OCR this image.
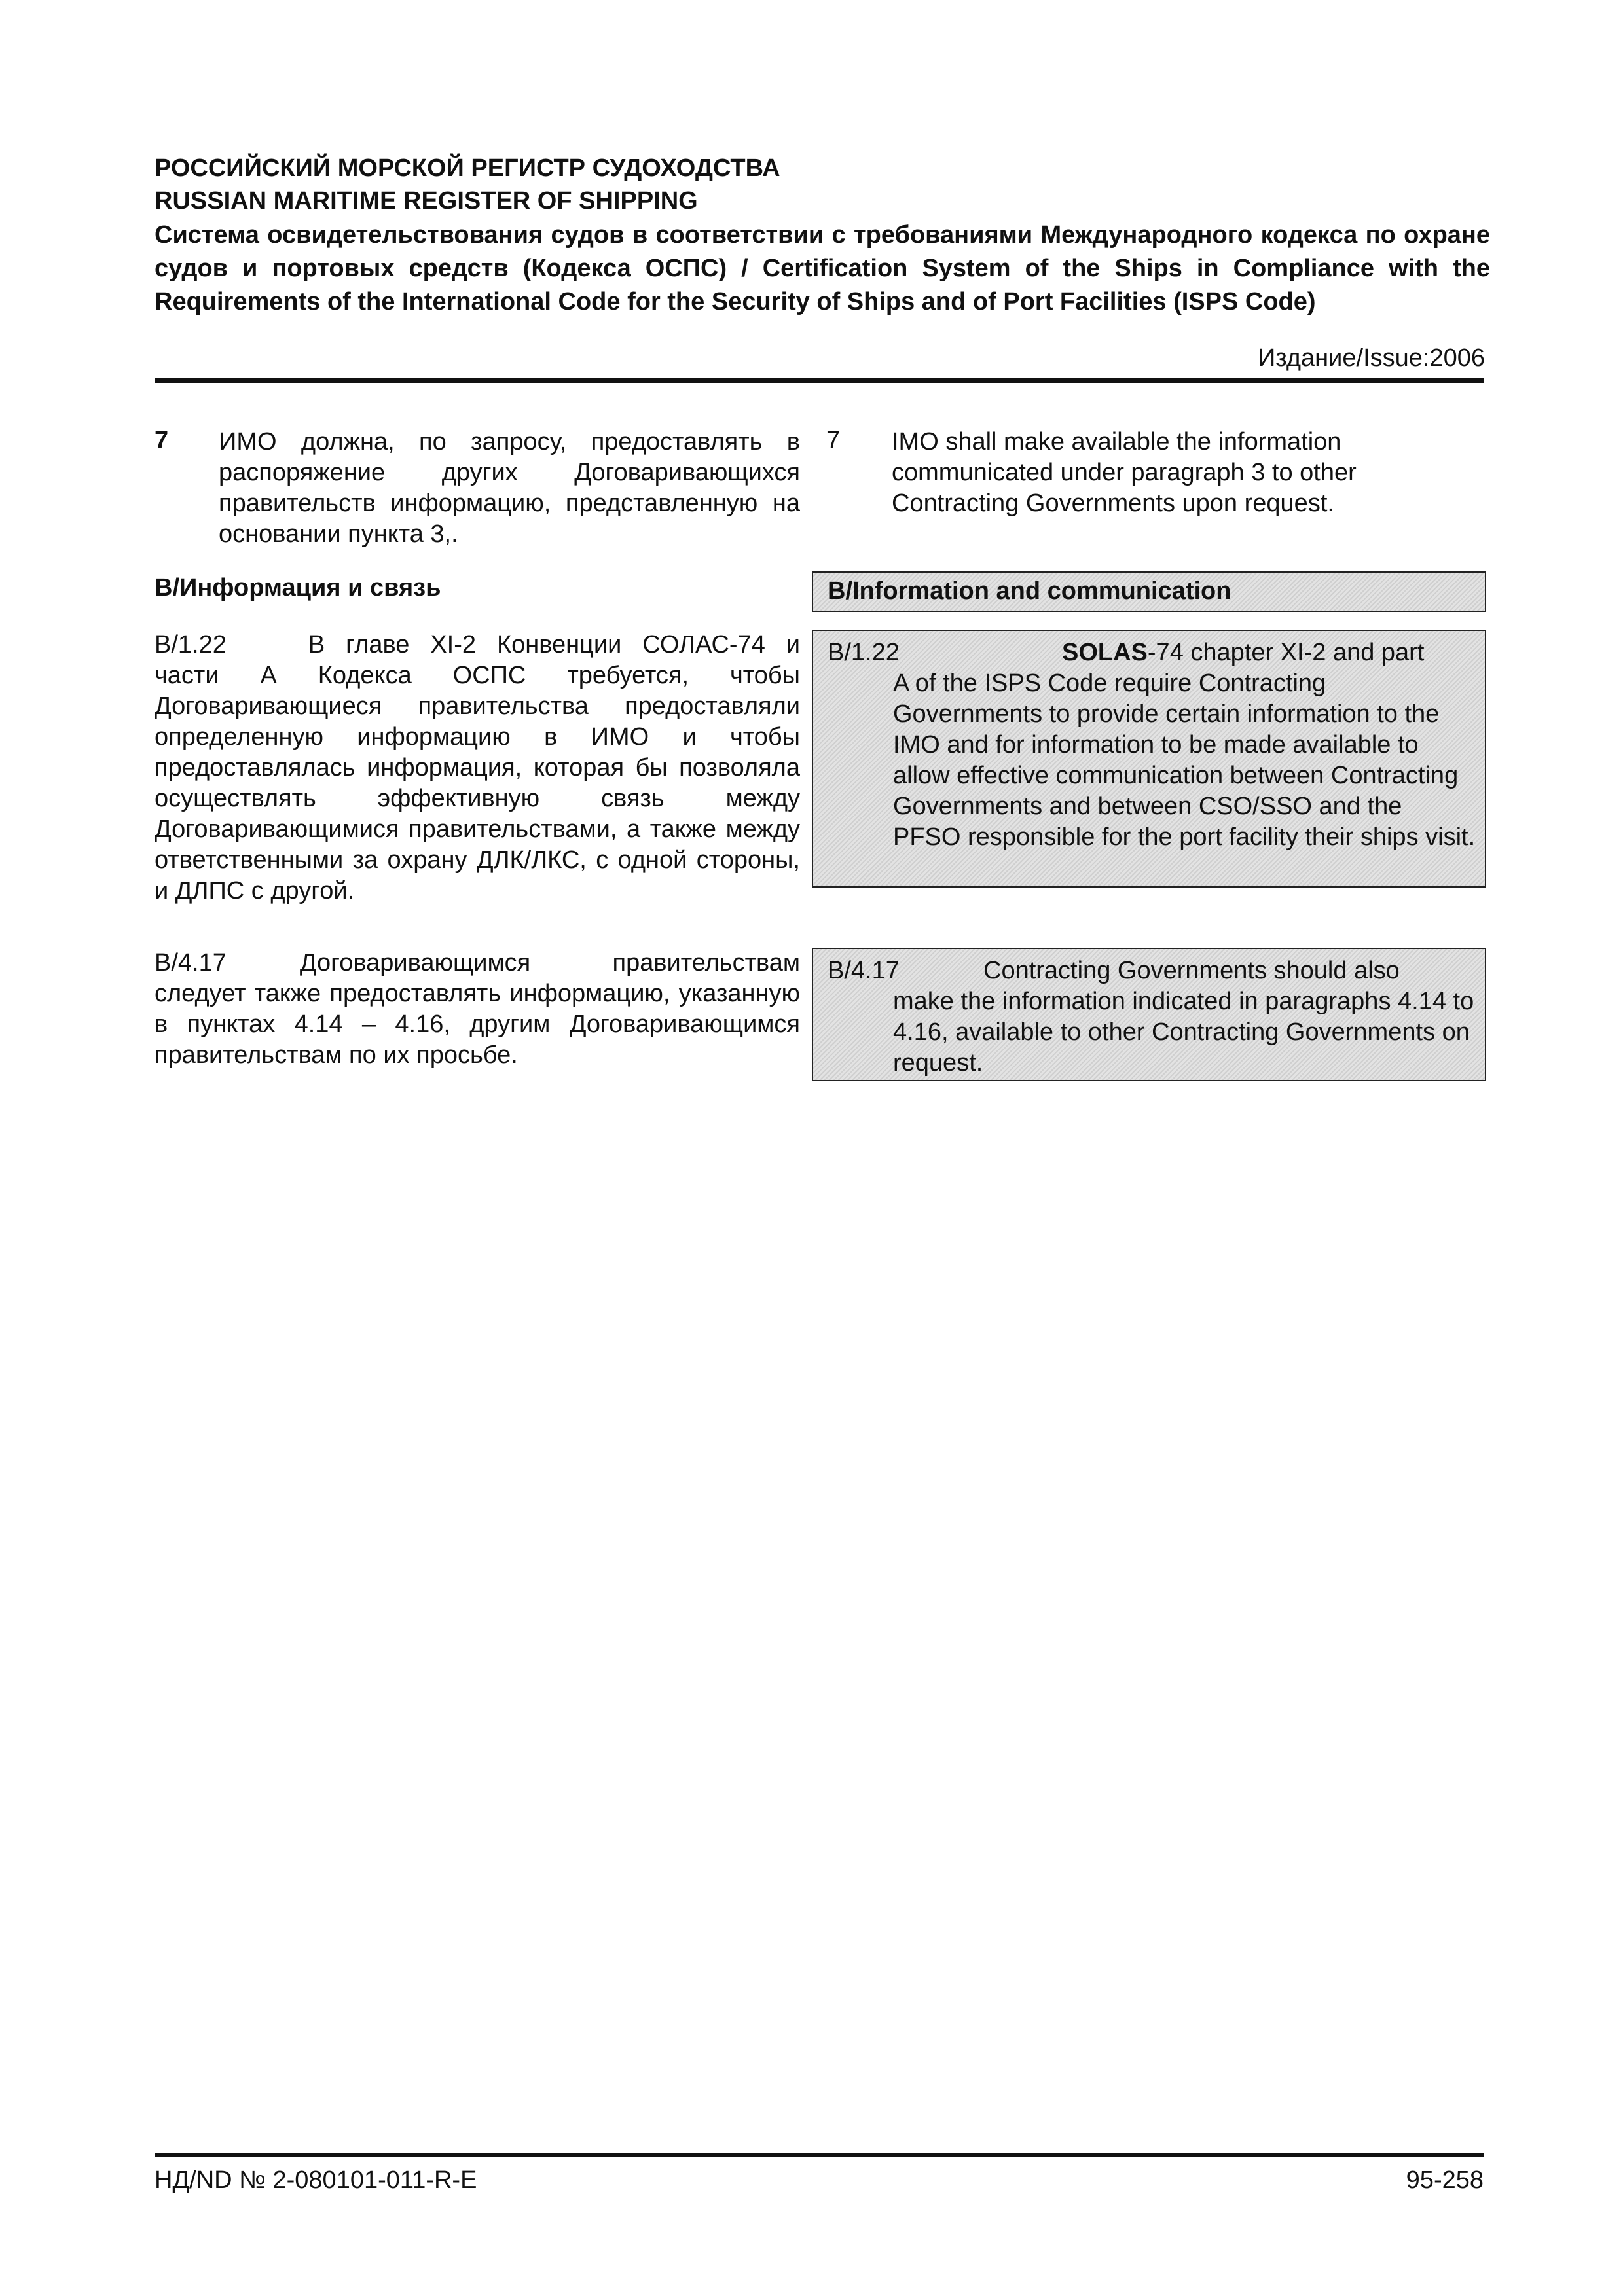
РОССИЙСКИЙ МОРСКОЙ РЕГИСТР СУДОХОДСТВА
RUSSIAN MARITIME REGISTER OF SHIPPING
Система освидетельствования судов в соответствии с требованиями Международного кодекса по охране судов и портовых средств (Кодекса ОСПС) / Certification System of the Ships in Compliance with the Requirements of the International Code for the Security of Ships and of Port Facilities (ISPS Code)
Издание/Issue:2006
7 ИМО должна, по запросу, предоставлять в распоряжение других Договаривающихся правительств информацию, представленную на основании пункта 3,.
7 IMO shall make available the information communicated under paragraph 3 to other Contracting Governments upon request.
В/Информация и связь	B/Information and communication
В/1.22	В главе XI-2 Конвенции СОЛАС-74 и части А Кодекса ОСПС требуется, чтобы Договаривающиеся правительства предоставляли определенную информацию в ИМО и чтобы предоставлялась информация, которая бы позволяла осуществлять эффективную связь между Договаривающимися правительствами, а также между ответственными за охрану ДЛК/ЛКС, с одной стороны, и ДЛПС с другой.
B/1.22	SOLAS-74 chapter XI-2 and part
A of the ISPS Code require Contracting Governments to provide certain information to the IMO and for information to be made available to allow effective communication between Contracting Governments and between CSO/SSO and the PFSO responsible for the port facility their ships visit.
В/4.17	Договаривающимся правительствам следует также предоставлять информацию, указанную в пунктах 4.14 – 4.16, другим Договаривающимся правительствам по их просьбе.
B/4.17	Contracting Governments should also
make the information indicated in paragraphs 4.14 to 4.16, available to other Contracting Governments on request.
НД/ND № 2-080101-011-R-E	95-258
